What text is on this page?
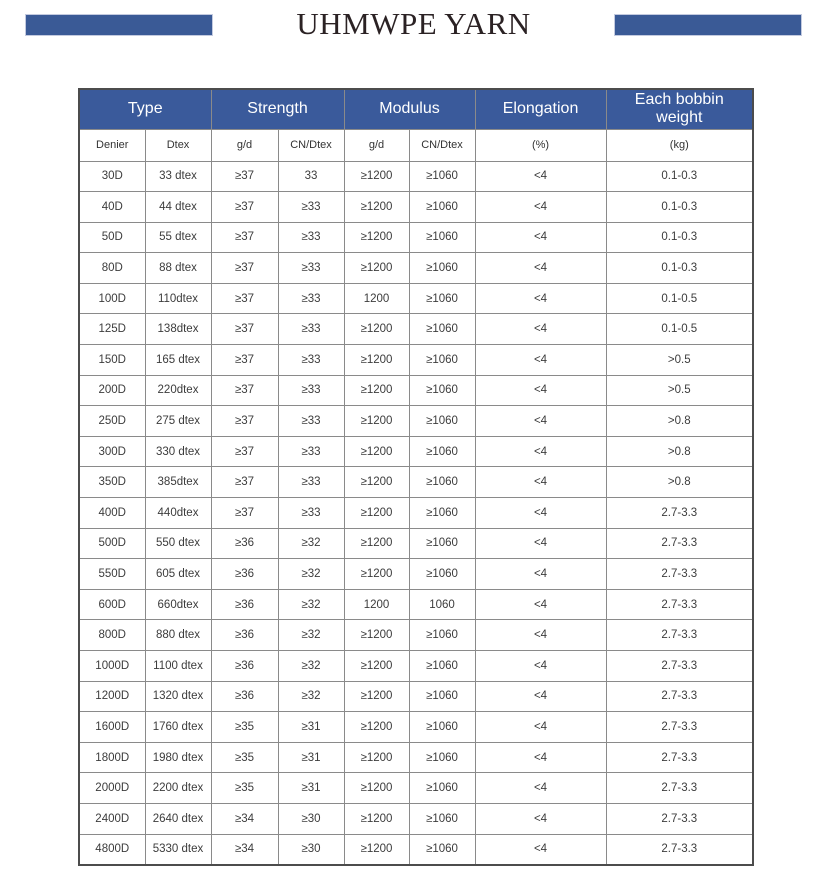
UHMWPE YARN
Type		Strength		Modulus		Elongation	Each bobbin
weight
Denier	Dtex	g/d	CN/Dtex	g/d	CN/Dtex	(%)	(kg)
30D	33 dtex	≥37	33	≥1200	≥1060	<4	0.1-0.3
40D	44 dtex	≥37	≥33	≥1200	≥1060	<4	0.1-0.3
50D	55 dtex	≥37	≥33	≥1200	≥1060	<4	0.1-0.3
80D	88 dtex	≥37	≥33	≥1200	≥1060	<4	0.1-0.3
100D	110dtex	≥37	≥33	1200	≥1060	<4	0.1-0.5
125D	138dtex	≥37	≥33	≥1200	≥1060	<4	0.1-0.5
150D	165 dtex	≥37	≥33	≥1200	≥1060	<4	>0.5
200D	220dtex	≥37	≥33	≥1200	≥1060	<4	>0.5
250D	275 dtex	≥37	≥33	≥1200	≥1060	<4	>0.8
300D	330 dtex	≥37	≥33	≥1200	≥1060	<4	>0.8
350D	385dtex	≥37	≥33	≥1200	≥1060	<4	>0.8
400D	440dtex	≥37	≥33	≥1200	≥1060	<4	2.7-3.3
500D	550 dtex	≥36	≥32	≥1200	≥1060	<4	2.7-3.3
550D	605 dtex	≥36	≥32	≥1200	≥1060	<4	2.7-3.3
600D	660dtex	≥36	≥32	1200	1060	<4	2.7-3.3
800D	880 dtex	≥36	≥32	≥1200	≥1060	<4	2.7-3.3
1000D	1100 dtex	≥36	≥32	≥1200	≥1060	<4	2.7-3.3
1200D	1320 dtex	≥36	≥32	≥1200	≥1060	<4	2.7-3.3
1600D	1760 dtex	≥35	≥31	≥1200	≥1060	<4	2.7-3.3
1800D	1980 dtex	≥35	≥31	≥1200	≥1060	<4	2.7-3.3
2000D	2200 dtex	≥35	≥31	≥1200	≥1060	<4	2.7-3.3
2400D	2640 dtex	≥34	≥30	≥1200	≥1060	<4	2.7-3.3
4800D	5330 dtex	≥34	≥30	≥1200	≥1060	<4	2.7-3.3
